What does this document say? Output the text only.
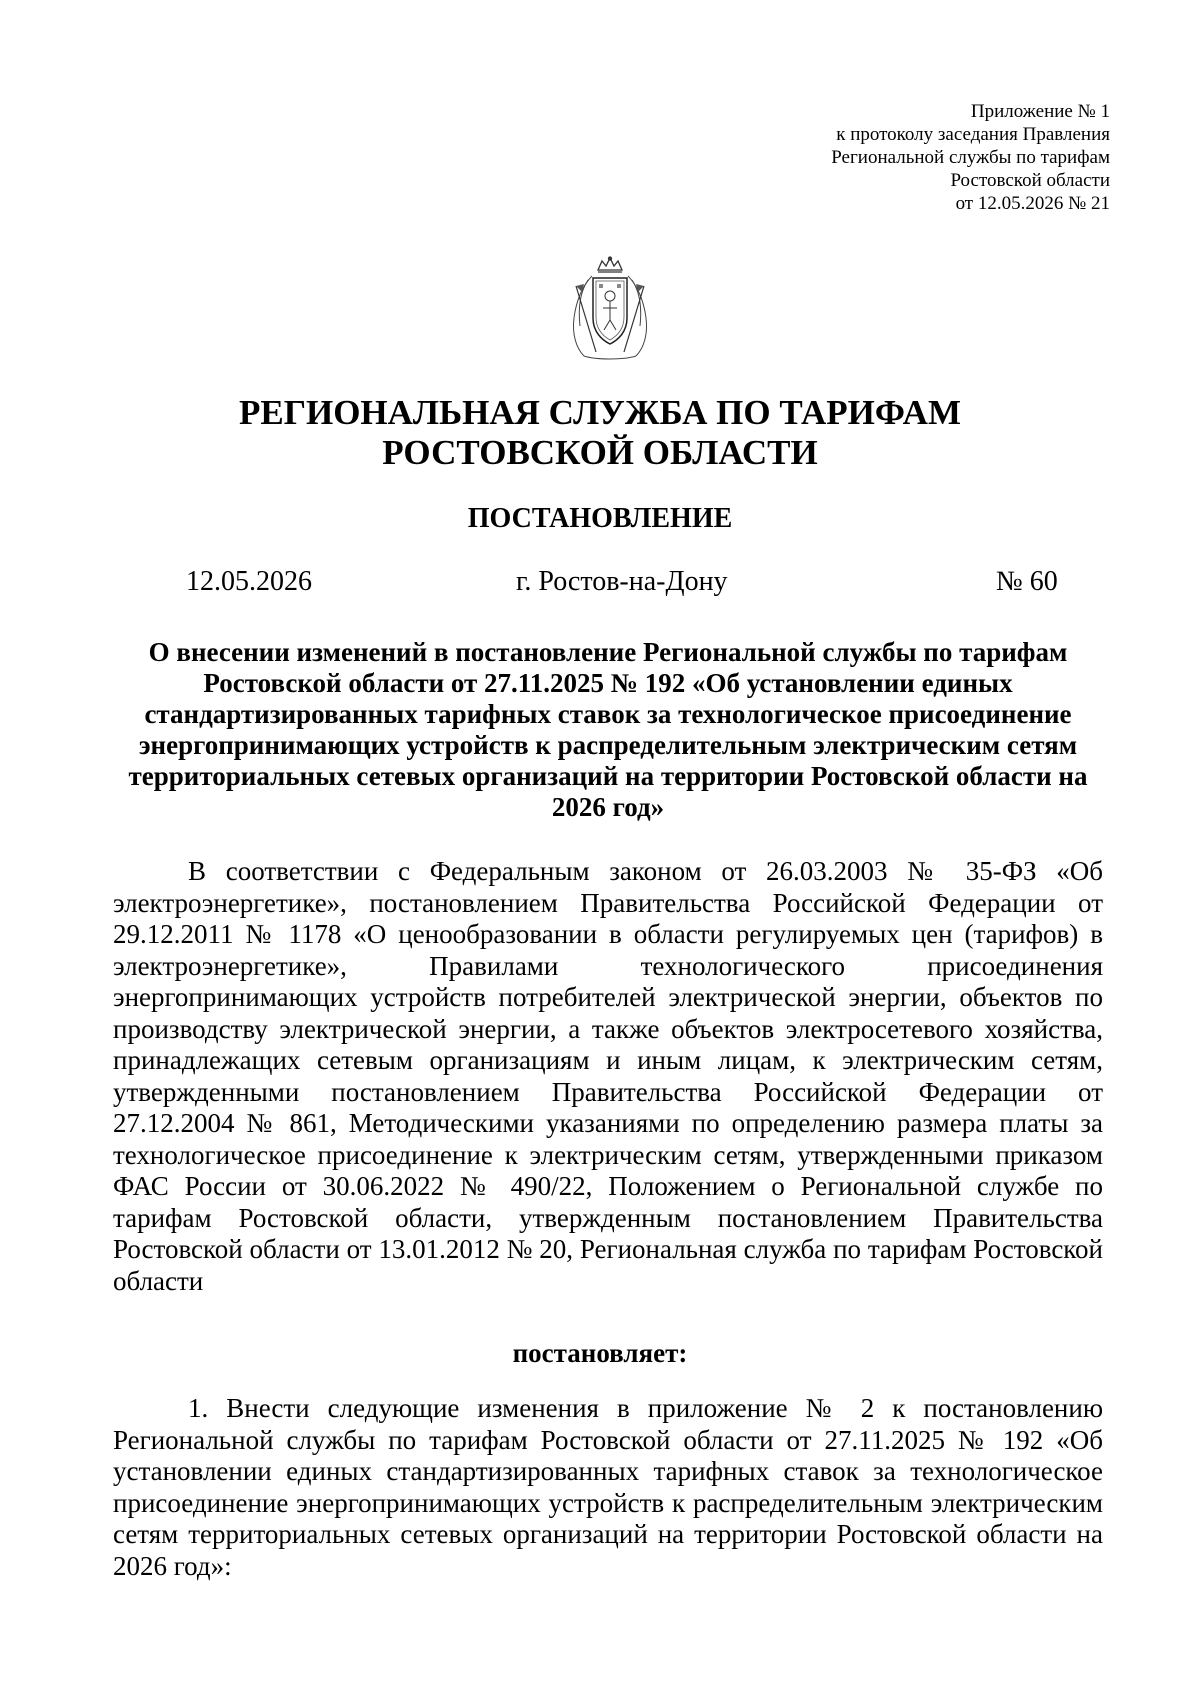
Приложение № 1
к протоколу заседания Правления
Региональной службы по тарифам
Ростовской области
от 12.05.2026 № 21
РЕГИОНАЛЬНАЯ СЛУЖБА ПО ТАРИФАМ
РОСТОВСКОЙ ОБЛАСТИ
ПОСТАНОВЛЕНИЕ
12.05.2026	г. Ростов-на-Дону	№ 60
О внесении изменений в постановление Региональной службы по тарифам Ростовской области от 27.11.2025 № 192 «Об установлении единых стандартизированных тарифных ставок за технологическое присоединение энергопринимающих устройств к распределительным электрическим сетям территориальных сетевых организаций на территории Ростовской области на 2026 год»
В соответствии с Федеральным законом от 26.03.2003 № 35-ФЗ «Об электроэнергетике», постановлением Правительства Российской Федерации от 29.12.2011 № 1178 «О ценообразовании в области регулируемых цен (тарифов) в электроэнергетике», Правилами технологического присоединения энергопринимающих устройств потребителей электрической энергии, объектов по производству электрической энергии, а также объектов электросетевого хозяйства, принадлежащих сетевым организациям и иным лицам, к электрическим сетям, утвержденными постановлением Правительства Российской Федерации от 27.12.2004 № 861, Методическими указаниями по определению размера платы за технологическое присоединение к электрическим сетям, утвержденными приказом ФАС России от 30.06.2022 № 490/22, Положением о Региональной службе по тарифам Ростовской области, утвержденным постановлением Правительства Ростовской области от 13.01.2012 № 20, Региональная служба по тарифам Ростовской области
постановляет:
1. Внести следующие изменения в приложение № 2 к постановлению Региональной службы по тарифам Ростовской области от 27.11.2025 № 192 «Об установлении единых стандартизированных тарифных ставок за технологическое присоединение энергопринимающих устройств к распределительным электрическим сетям территориальных сетевых организаций на территории Ростовской области на 2026 год»:
